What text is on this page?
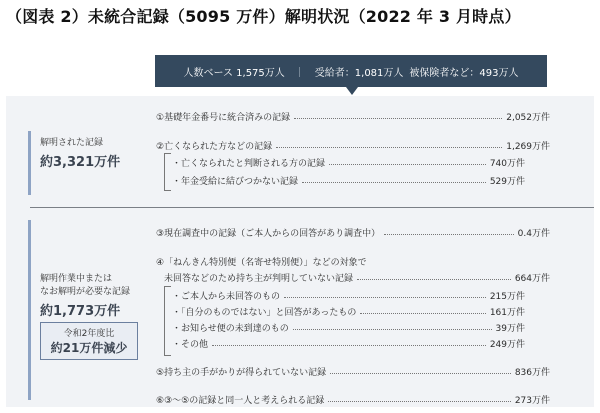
（図表 2）未統合記録（5095 万件）解明状況（2022 年 3 月時点）
人数ベース 1,575万人	｜	受給者：1,081万人 被保険者など：493万人
解明された記録
約3,321万件
①基礎年金番号に統合済みの記録	2,052万件
②亡くなられた方などの記録	1,269万件
・亡くなられたと判断される方の記録	740万件
・年金受給に結びつかない記録	529万件
解明作業中または
なお解明が必要な記録
約1,773万件
令和2年度比
約21万件減少
③現在調査中の記録（ご本人からの回答があり調査中）	0.4万件
④「ねんきん特別便（名寄せ特別便）」などの対象で
未回答などのため持ち主が判明していない記録	664万件
・ご本人から未回答のもの	215万件
・「自分のものではない」と回答があったもの	161万件
・お知らせ便の未到達のもの	39万件
・その他	249万件
⑤持ち主の手がかりが得られていない記録	836万件
⑥③〜⑤の記録と同一人と考えられる記録	273万件
